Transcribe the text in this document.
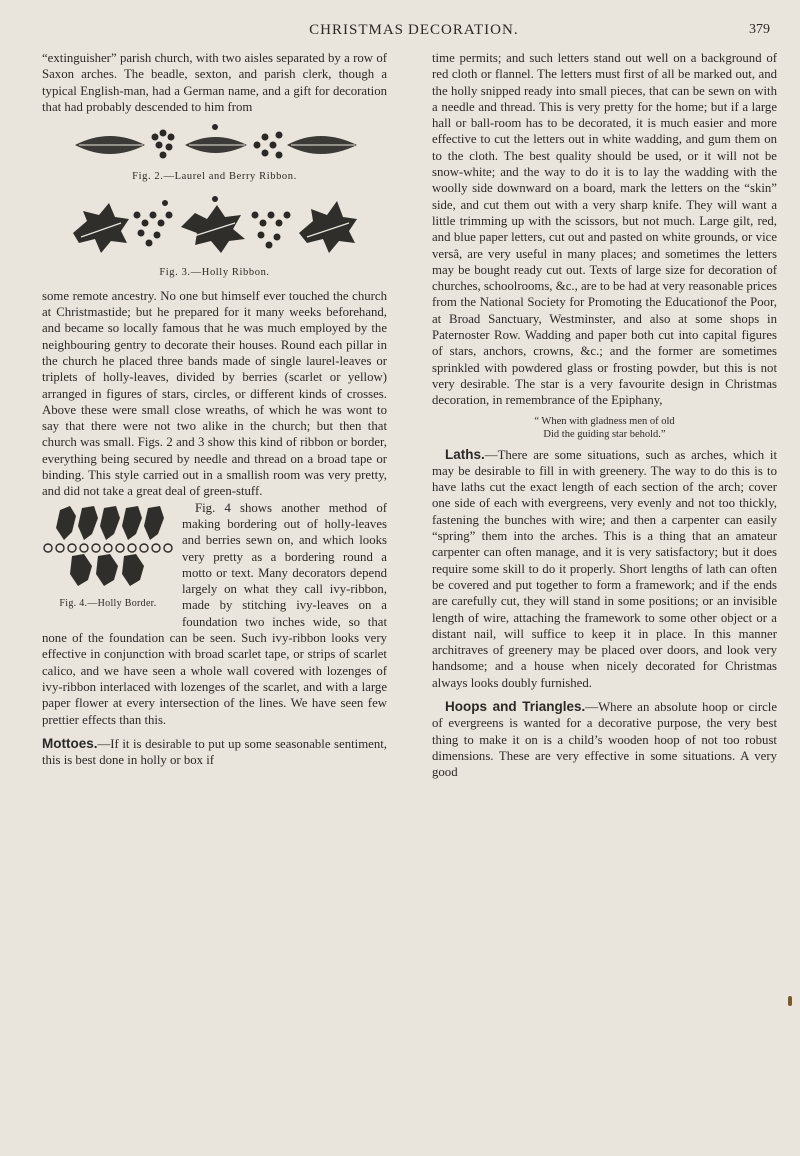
CHRISTMAS DECORATION.	379

“extinguisher” parish church, with two aisles separated by a row of Saxon arches. The beadle, sexton, and parish clerk, though a typical English-man, had a German name, and a gift for decoration that had probably descended to him from

Fig. 2.—Laurel and Berry Ribbon.
Fig. 3.—Holly Ribbon.

some remote ancestry. No one but himself ever touched the church at Christmastide; but he prepared for it many weeks beforehand, and became so locally famous that he was much employed by the neighbouring gentry to decorate their houses. Round each pillar in the church he placed three bands made of single laurel-leaves or triplets of holly-leaves, divided by berries (scarlet or yellow) arranged in figures of stars, circles, or different kinds of crosses. Above these were small close wreaths, of which he was wont to say that there were not two alike in the church; but then that church was small. Figs. 2 and 3 show this kind of ribbon or border, everything being secured by needle and thread on a broad tape or binding. This style carried out in a smallish room was very pretty, and did not take a great deal of green-stuff.

Fig. 4.—Holly Border.

Fig. 4 shows another method of making bordering out of holly-leaves and berries sewn on, and which looks very pretty as a bordering round a motto or text. Many decorators depend largely on what they call ivy-ribbon, made by stitching ivy-leaves on a foundation two inches wide, so that none of the foundation can be seen. Such ivy-ribbon looks very effective in conjunction with broad scarlet tape, or strips of scarlet calico, and we have seen a whole wall covered with lozenges of ivy-ribbon interlaced with lozenges of the scarlet, and with a large paper flower at every intersection of the lines. We have seen few prettier effects than this.

Mottoes.—If it is desirable to put up some seasonable sentiment, this is best done in holly or box if

time permits; and such letters stand out well on a background of red cloth or flannel. The letters must first of all be marked out, and the holly snipped ready into small pieces, that can be sewn on with a needle and thread. This is very pretty for the home; but if a large hall or ball-room has to be decorated, it is much easier and more effective to cut the letters out in white wadding, and gum them on to the cloth. The best quality should be used, or it will not be snow-white; and the way to do it is to lay the wadding with the woolly side downward on a board, mark the letters on the “skin” side, and cut them out with a very sharp knife. They will want a little trimming up with the scissors, but not much. Large gilt, red, and blue paper letters, cut out and pasted on white grounds, or vice versâ, are very useful in many places; and sometimes the letters may be bought ready cut out. Texts of large size for decoration of churches, schoolrooms, &c., are to be had at very reasonable prices from the National Society for Promoting the Educationof the Poor, at Broad Sanctuary, Westminster, and also at some shops in Paternoster Row. Wadding and paper both cut into capital figures of stars, anchors, crowns, &c.; and the former are sometimes sprinkled with powdered glass or frosting powder, but this is not very desirable. The star is a very favourite design in Christmas decoration, in remembrance of the Epiphany,

“ When with gladness men of old
Did the guiding star behold.”

Laths.—There are some situations, such as arches, which it may be desirable to fill in with greenery. The way to do this is to have laths cut the exact length of each section of the arch; cover one side of each with evergreens, very evenly and not too thickly, fastening the bunches with wire; and then a carpenter can easily “spring” them into the arches. This is a thing that an amateur carpenter can often manage, and it is very satisfactory; but it does require some skill to do it properly. Short lengths of lath can often be covered and put together to form a framework; and if the ends are carefully cut, they will stand in some positions; or an invisible length of wire, attaching the framework to some other object or a distant nail, will suffice to keep it in place. In this manner architraves of greenery may be placed over doors, and look very handsome; and a house when nicely decorated for Christmas always looks doubly furnished.

Hoops and Triangles.—Where an absolute hoop or circle of evergreens is wanted for a decorative purpose, the very best thing to make it on is a child’s wooden hoop of not too robust dimensions. These are very effective in some situations. A very good
